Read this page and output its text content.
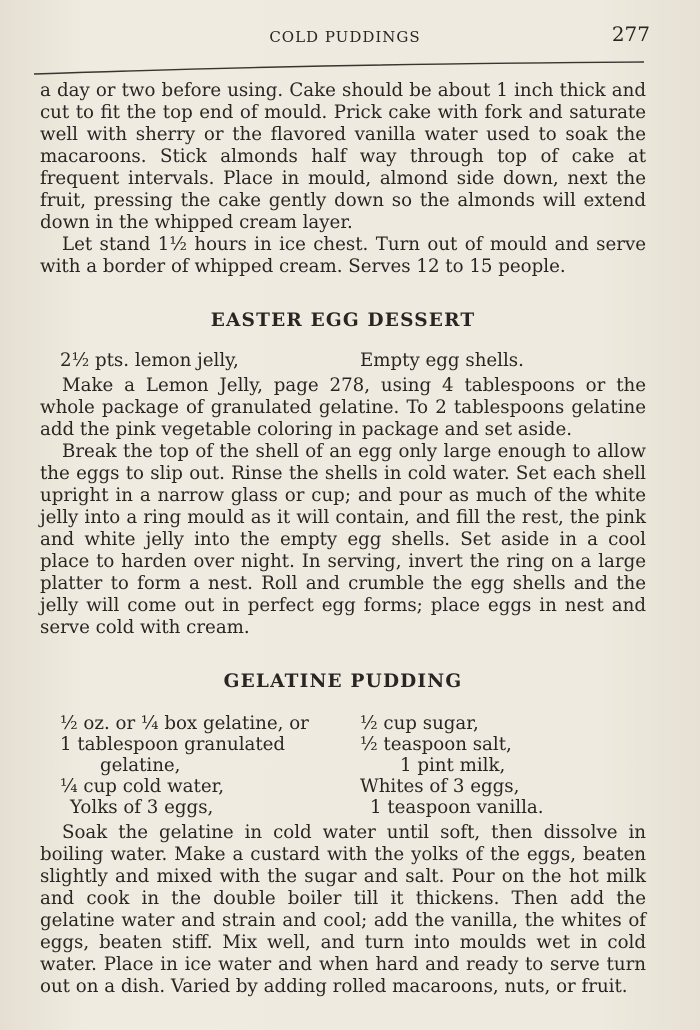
COLD PUDDINGS	277

a day or two before using. Cake should be about 1 inch thick and cut to fit the top end of mould. Prick cake with fork and saturate well with sherry or the flavored vanilla water used to soak the macaroons. Stick almonds half way through top of cake at frequent intervals. Place in mould, almond side down, next the fruit, pressing the cake gently down so the almonds will extend down in the whipped cream layer.

Let stand 1½ hours in ice chest. Turn out of mould and serve with a border of whipped cream. Serves 12 to 15 people.

EASTER EGG DESSERT
2½ pts. lemon jelly,	Empty egg shells.

Make a Lemon Jelly, page 278, using 4 tablespoons or the whole package of granulated gelatine. To 2 tablespoons gelatine add the pink vegetable coloring in package and set aside.

Break the top of the shell of an egg only large enough to allow the eggs to slip out. Rinse the shells in cold water. Set each shell upright in a narrow glass or cup; and pour as much of the white jelly into a ring mould as it will contain, and fill the rest, the pink and white jelly into the empty egg shells. Set aside in a cool place to harden over night. In serving, invert the ring on a large platter to form a nest. Roll and crumble the egg shells and the jelly will come out in perfect egg forms; place eggs in nest and serve cold with cream.

GELATINE PUDDING
½ oz. or ¼ box gelatine, or	½ cup sugar,
1 tablespoon granulated	½ teaspoon salt,
gelatine,	1 pint milk,
¼ cup cold water,	Whites of 3 eggs,
Yolks of 3 eggs,	1 teaspoon vanilla.

Soak the gelatine in cold water until soft, then dissolve in boiling water. Make a custard with the yolks of the eggs, beaten slightly and mixed with the sugar and salt. Pour on the hot milk and cook in the double boiler till it thickens. Then add the gelatine water and strain and cool; add the vanilla, the whites of eggs, beaten stiff. Mix well, and turn into moulds wet in cold water. Place in ice water and when hard and ready to serve turn out on a dish. Varied by adding rolled macaroons, nuts, or fruit.
